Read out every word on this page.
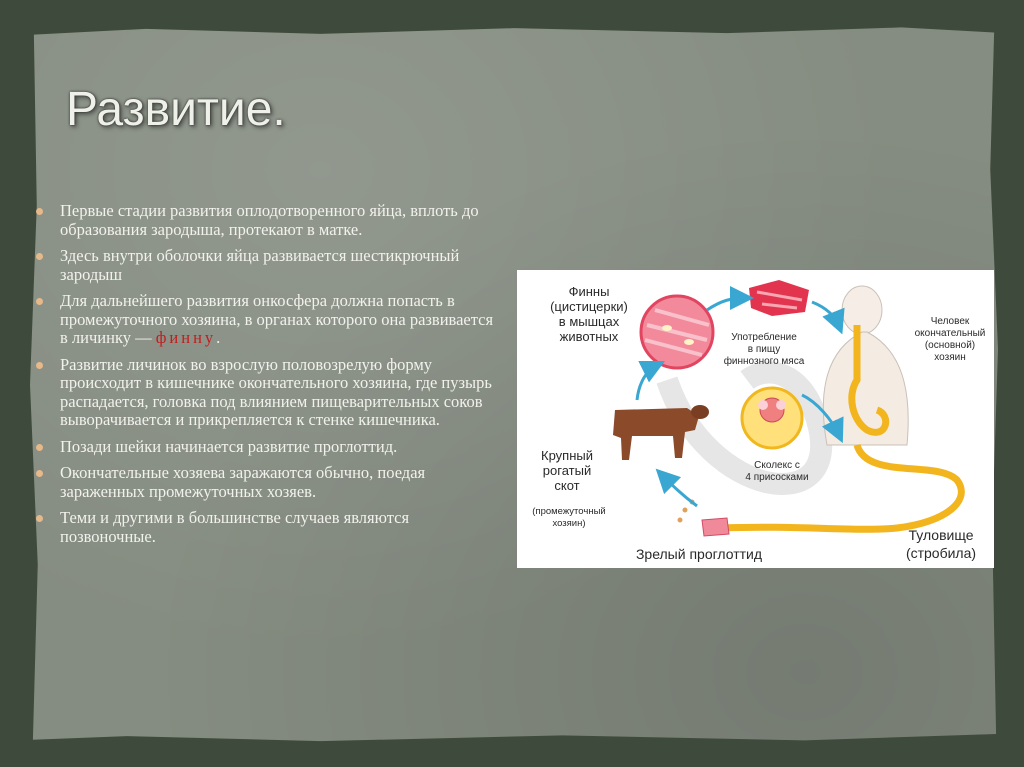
Развитие.
Первые стадии развития оплодотворенного яйца, вплоть до образования зародыша, протекают в матке.
Здесь внутри оболочки яйца развивается шестикрючный зародыш
Для дальнейшего развития онкосфера должна попасть в промежуточного хозяина, в органах которого она развивается в личинку — финну.
Развитие личинок во взрослую половозрелую форму происходит в кишечнике окончательного хозяина, где пузырь распадается, головка под влиянием пищеварительных соков выворачивается и прикрепляется к стенке кишечника.
Позади шейки начинается развитие проглоттид.
Окончательные хозяева заражаются обычно, поедая зараженных промежуточных хозяев.
Теми и другими в большинстве случаев являются позвоночные.
Финны
(цистицерки)
в мышцах
животных	Употребление
в пищу
финнозного мяса
Человек
окончательный
(основной)
хозяин
Крупный
рогатый
скот
(промежуточный
хозяин)
Сколекс с
4 присосками
Зрелый проглоттид
Туловище
(стробила)
